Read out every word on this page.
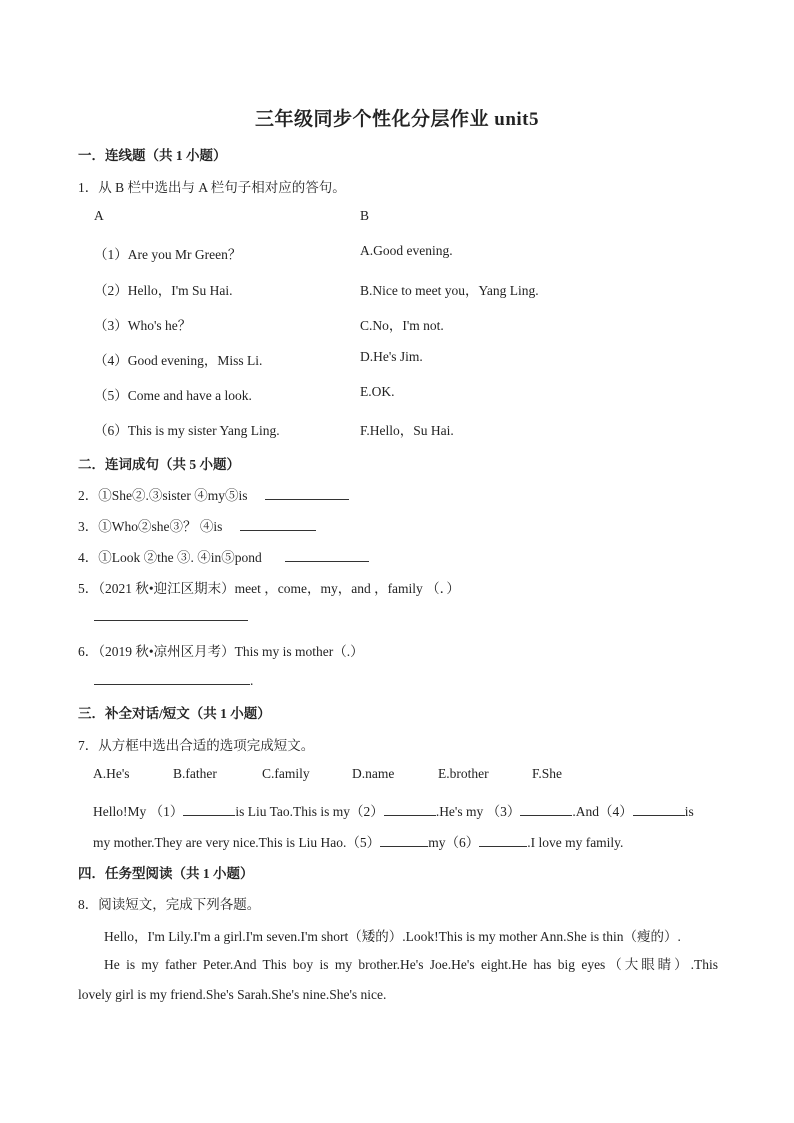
三年级同步个性化分层作业 unit5
一．连线题（共 1 小题）
1．从 B 栏中选出与 A 栏句子相对应的答句。
A	B
（1）Are you Mr Green？	A.Good evening.
（2）Hello，I'm Su Hai.	B.Nice to meet you，Yang Ling.
（3）Who's he？	C.No，I'm not.
（4）Good evening，Miss Li.	D.He's Jim.
（5）Come and have a look.	E.OK.
（6）This is my sister Yang Ling.	F.Hello，Su Hai.
二．连词成句（共 5 小题）
2．①She②.③sister ④my⑤is
3．①Who②she③？ ④is
4．①Look ②the ③. ④in⑤pond
5．（2021 秋•迎江区期末）meet ，come，my，and ，family （．）
6．（2019 秋•凉州区月考）This my is mother（.）
.
三．补全对话/短文（共 1 小题）
7．从方框中选出合适的选项完成短文。
A.He's	B.father	C.family	D.name	E.brother	F.She
Hello!My （1）	is Liu Tao.This is my（2）	.He's my （3）	.And（4）	is
my mother.They are very nice.This is Liu Hao.（5）	my（6）	.I love my family.
四．任务型阅读（共 1 小题）
8．阅读短文，完成下列各题。
Hello，I'm Lily.I'm a girl.I'm seven.I'm short（矮的）.Look!This is my mother Ann.She is thin（瘦的）.
He is my father Peter.And This boy is my brother.He's Joe.He's eight.He has big eyes（大眼睛）.This
lovely girl is my friend.She's Sarah.She's nine.She's nice.
